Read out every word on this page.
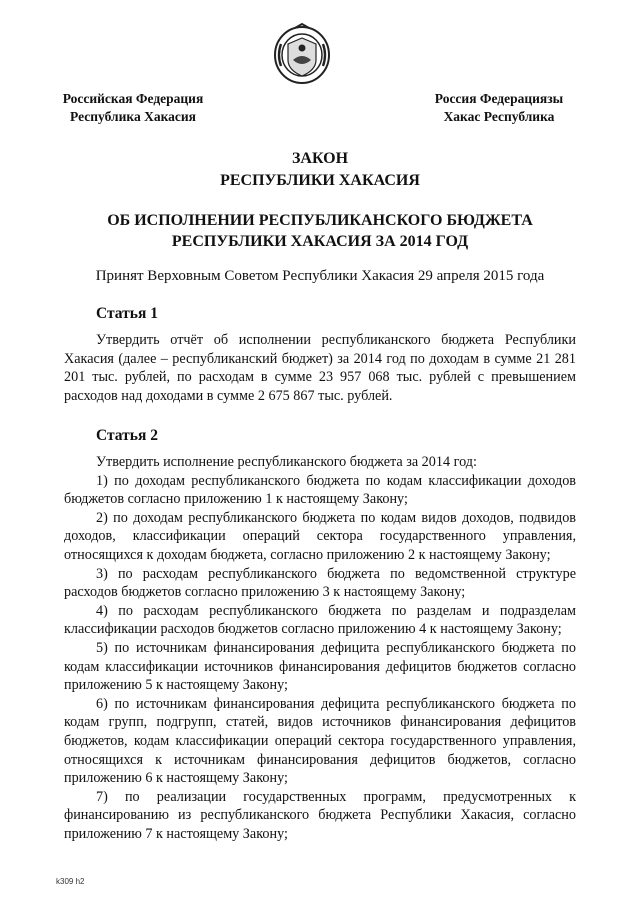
Российская Федерация
Республика Хакасия
Россия Федерациязы
Хакас Республика
ЗАКОН
РЕСПУБЛИКИ ХАКАСИЯ
ОБ ИСПОЛНЕНИИ РЕСПУБЛИКАНСКОГО БЮДЖЕТА
РЕСПУБЛИКИ ХАКАСИЯ ЗА 2014 ГОД
Принят Верховным Советом Республики Хакасия 29 апреля 2015 года
Статья 1

Утвердить отчёт об исполнении республиканского бюджета Республики Хакасия (далее – республиканский бюджет) за 2014 год по доходам в сумме 21 281 201 тыс. рублей, по расходам в сумме 23 957 068 тыс. рублей с превышением расходов над доходами в сумме 2 675 867 тыс. рублей.

Статья 2

Утвердить исполнение республиканского бюджета за 2014 год:

1) по доходам республиканского бюджета по кодам классификации доходов бюджетов согласно приложению 1 к настоящему Закону;

2) по доходам республиканского бюджета по кодам видов доходов, подвидов доходов, классификации операций сектора государственного управления, относящихся к доходам бюджета, согласно приложению 2 к настоящему Закону;

3) по расходам республиканского бюджета по ведомственной структуре расходов бюджетов согласно приложению 3 к настоящему Закону;

4) по расходам республиканского бюджета по разделам и подразделам классификации расходов бюджетов согласно приложению 4 к настоящему Закону;

5) по источникам финансирования дефицита республиканского бюджета по кодам классификации источников финансирования дефицитов бюджетов согласно приложению 5 к настоящему Закону;

6) по источникам финансирования дефицита республиканского бюджета по кодам групп, подгрупп, статей, видов источников финансирования дефицитов бюджетов, кодам классификации операций сектора государственного управления, относящихся к источникам финансирования дефицитов бюджетов, согласно приложению 6 к настоящему Закону;

7) по реализации государственных программ, предусмотренных к финансированию из республиканского бюджета Республики Хакасия, согласно приложению 7 к настоящему Закону;

k309 h2
